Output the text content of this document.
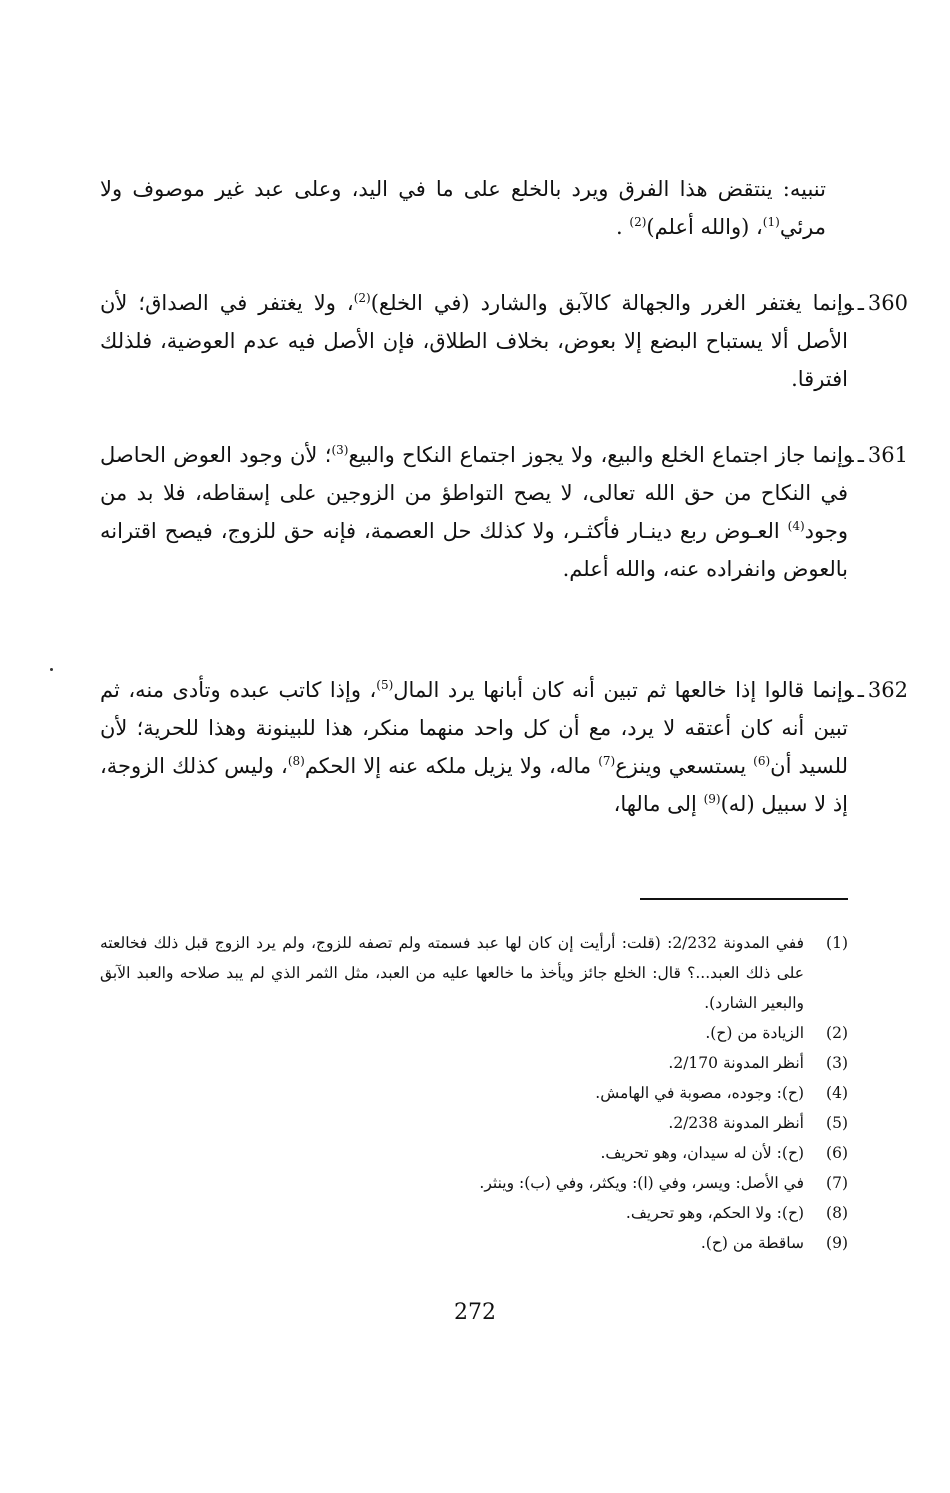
تنبيه: ينتقض هذا الفرق ويرد بالخلع على ما في اليد، وعلى عبد غير موصوف ولا مرئي$^{(1)}$، (والله أعلم)$^{(2)}$ .
360ـوإنما يغتفر الغرر والجهالة كالآبق والشارد (في الخلع)$^{(2)}$، ولا يغتفر في الصداق؛ لأن الأصل ألا يستباح البضع إلا بعوض، بخلاف الطلاق، فإن الأصل فيه عدم العوضية، فلذلك افترقا.
361ـوإنما جاز اجتماع الخلع والبيع، ولا يجوز اجتماع النكاح والبيع$^{(3)}$؛ لأن وجود العوض الحاصل في النكاح من حق الله تعالى، لا يصح التواطؤ من الزوجين على إسقاطه، فلا بد من وجود$^{(4)}$ العـوض ربع دينـار فأكثـر، ولا كذلك حل العصمة، فإنه حق للزوج، فيصح اقترانه بالعوض وانفراده عنه، والله أعلم.
362ـوإنما قالوا إذا خالعها ثم تبين أنه كان أبانها يرد المال$^{(5)}$، وإذا كاتب عبده وتأدى منه، ثم تبين أنه كان أعتقه لا يرد، مع أن كل واحد منهما منكر، هذا للبينونة وهذا للحرية؛ لأن للسيد أن$^{(6)}$ يستسعي وينزع$^{(7)}$ ماله، ولا يزيل ملكه عنه إلا الحكم$^{(8)}$، وليس كذلك الزوجة، إذ لا سبيل (له)$^{(9)}$ إلى مالها،
(1)
ففي المدونة 2/232: (قلت: أرأيت إن كان لها عبد فسمته ولم تصفه للزوج، ولم يرد الزوج قبل ذلك فخالعته على ذلك العبد...؟ قال: الخلع جائز ويأخذ ما خالعها عليه من العبد، مثل الثمر الذي لم يبد صلاحه والعبد الآبق والبعير الشارد).
(2)
الزيادة من (ح).
(3)
أنظر المدونة 2/170.
(4)
(ح): وجوده، مصوبة في الهامش.
(5)
أنظر المدونة 2/238.
(6)
(ح): لأن له سيدان، وهو تحريف.
(7)
في الأصل: ويسر، وفي (ا): ويكثر، وفي (ب): وينثر.
(8)
(ح): ولا الحكم، وهو تحريف.
(9)
ساقطة من (ح).
272
